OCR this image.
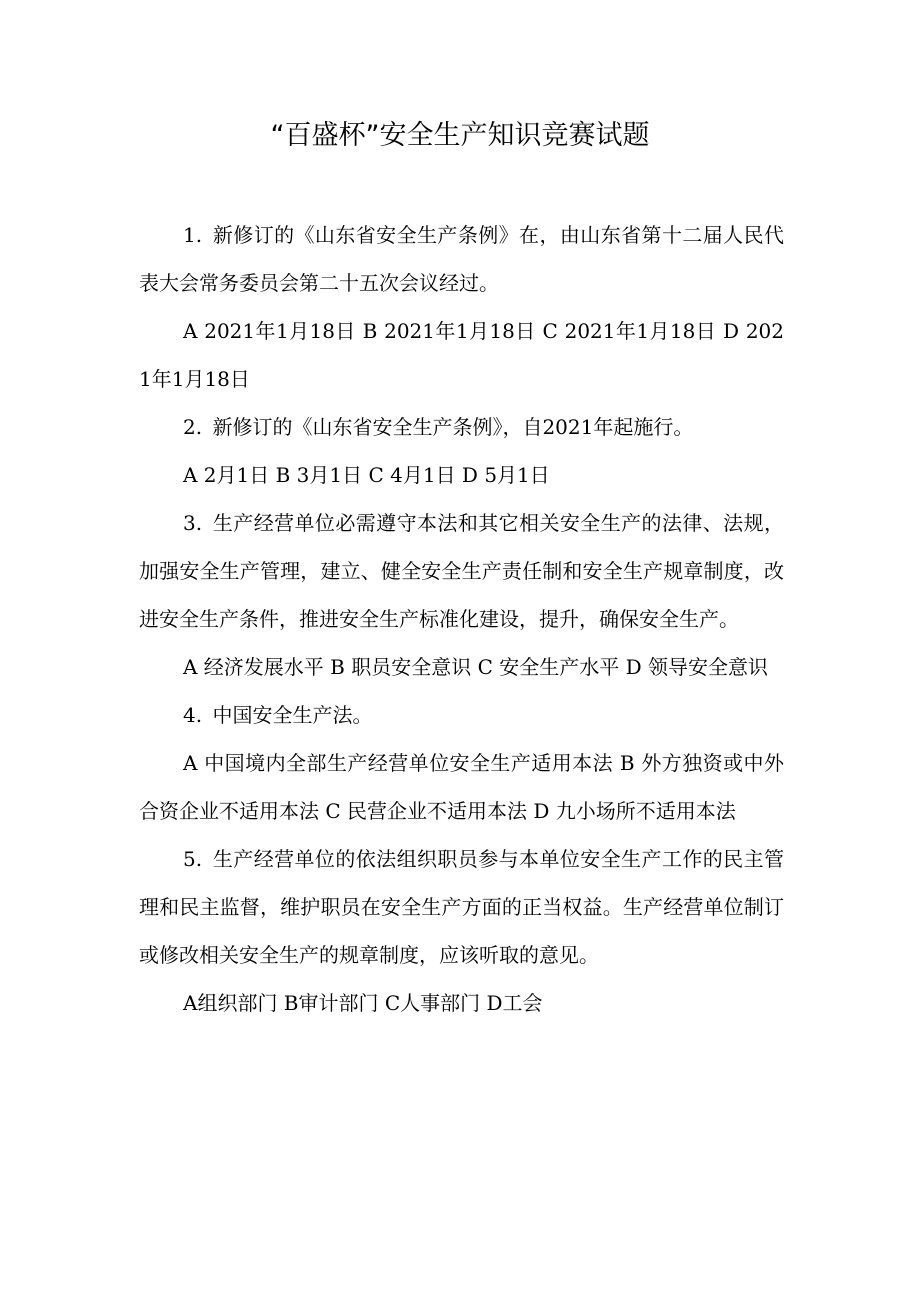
“百盛杯”安全生产知识竞赛试题

1. 新修订的《山东省安全生产条例》在，由山东省第十二届人民代表大会常务委员会第二十五次会议经过。

A 2021年1月18日 B 2021年1月18日 C 2021年1月18日 D 2021年1月18日

2. 新修订的《山东省安全生产条例》，自2021年起施行。

A 2月1日 B 3月1日 C 4月1日 D 5月1日

3. 生产经营单位必需遵守本法和其它相关安全生产的法律、法规，加强安全生产管理，建立、健全安全生产责任制和安全生产规章制度，改进安全生产条件，推进安全生产标准化建设，提升，确保安全生产。

A 经济发展水平 B 职员安全意识 C 安全生产水平 D 领导安全意识

4. 中国安全生产法。

A 中国境内全部生产经营单位安全生产适用本法 B 外方独资或中外合资企业不适用本法 C 民营企业不适用本法 D 九小场所不适用本法

5. 生产经营单位的依法组织职员参与本单位安全生产工作的民主管理和民主监督，维护职员在安全生产方面的正当权益。生产经营单位制订或修改相关安全生产的规章制度，应该听取的意见。

A组织部门 B审计部门 C人事部门 D工会
